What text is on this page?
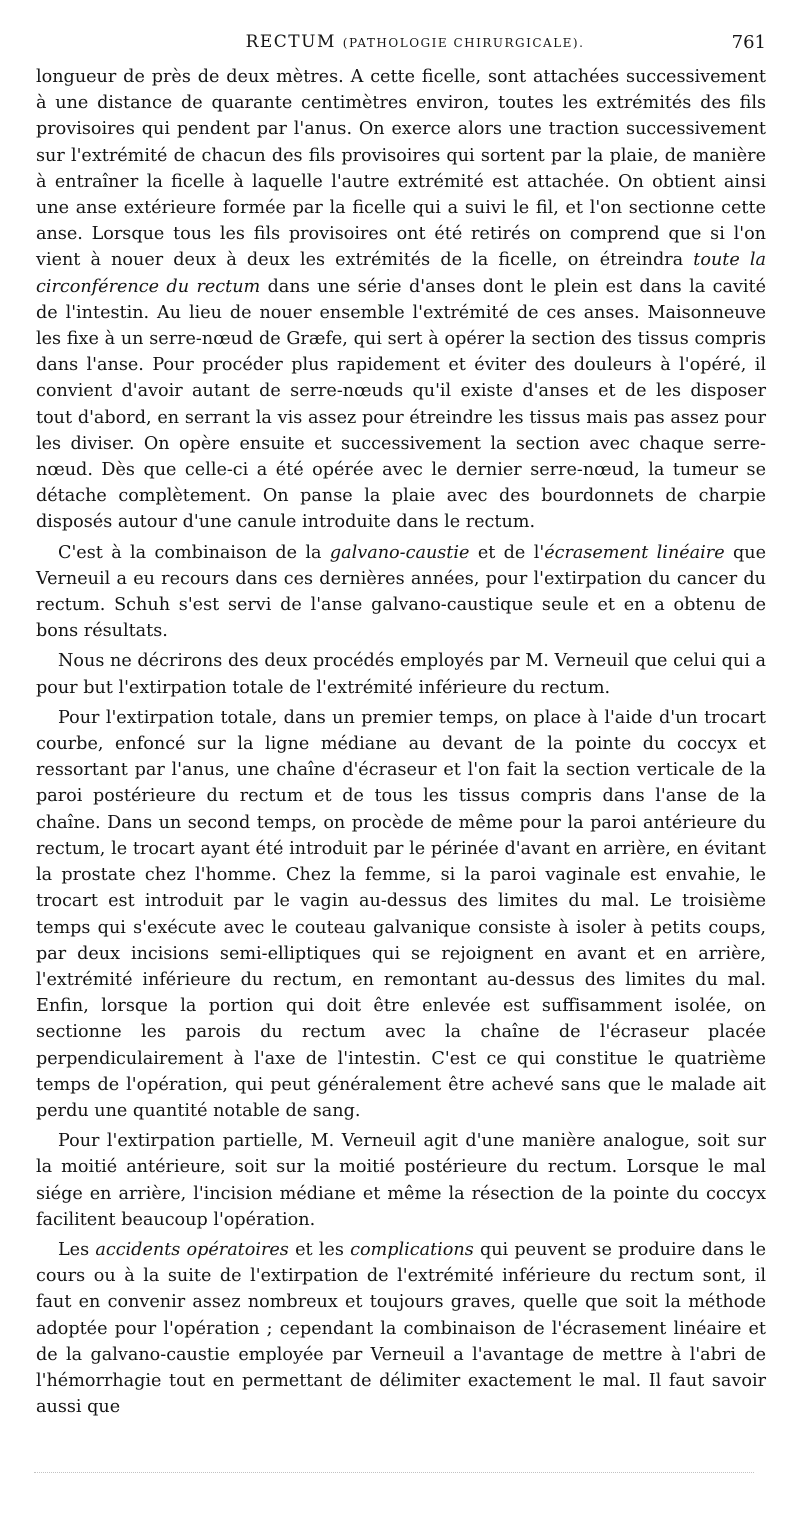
RECTUM (PATHOLOGIE CHIRURGICALE).	761

longueur de près de deux mètres. A cette ficelle, sont attachées successivement à une distance de quarante centimètres environ, toutes les extrémités des fils provisoires qui pendent par l'anus. On exerce alors une traction successivement sur l'extrémité de chacun des fils provisoires qui sortent par la plaie, de manière à entraîner la ficelle à laquelle l'autre extrémité est attachée. On obtient ainsi une anse extérieure formée par la ficelle qui a suivi le fil, et l'on sectionne cette anse. Lorsque tous les fils provisoires ont été retirés on comprend que si l'on vient à nouer deux à deux les extrémités de la ficelle, on étreindra toute la circonférence du rectum dans une série d'anses dont le plein est dans la cavité de l'intestin. Au lieu de nouer ensemble l'extrémité de ces anses. Maisonneuve les fixe à un serre-nœud de Græfe, qui sert à opérer la section des tissus compris dans l'anse. Pour procéder plus rapidement et éviter des douleurs à l'opéré, il convient d'avoir autant de serre-nœuds qu'il existe d'anses et de les disposer tout d'abord, en serrant la vis assez pour étreindre les tissus mais pas assez pour les diviser. On opère ensuite et successivement la section avec chaque serre-nœud. Dès que celle-ci a été opérée avec le dernier serre-nœud, la tumeur se détache complètement. On panse la plaie avec des bourdonnets de charpie disposés autour d'une canule introduite dans le rectum.

C'est à la combinaison de la galvano-caustie et de l'écrasement linéaire que Verneuil a eu recours dans ces dernières années, pour l'extirpation du cancer du rectum. Schuh s'est servi de l'anse galvano-caustique seule et en a obtenu de bons résultats.

Nous ne décrirons des deux procédés employés par M. Verneuil que celui qui a pour but l'extirpation totale de l'extrémité inférieure du rectum.

Pour l'extirpation totale, dans un premier temps, on place à l'aide d'un trocart courbe, enfoncé sur la ligne médiane au devant de la pointe du coccyx et ressortant par l'anus, une chaîne d'écraseur et l'on fait la section verticale de la paroi postérieure du rectum et de tous les tissus compris dans l'anse de la chaîne. Dans un second temps, on procède de même pour la paroi antérieure du rectum, le trocart ayant été introduit par le périnée d'avant en arrière, en évitant la prostate chez l'homme. Chez la femme, si la paroi vaginale est envahie, le trocart est introduit par le vagin au-dessus des limites du mal. Le troisième temps qui s'exécute avec le couteau galvanique consiste à isoler à petits coups, par deux incisions semi-elliptiques qui se rejoignent en avant et en arrière, l'extrémité inférieure du rectum, en remontant au-dessus des limites du mal. Enfin, lorsque la portion qui doit être enlevée est suffisamment isolée, on sectionne les parois du rectum avec la chaîne de l'écraseur placée perpendiculairement à l'axe de l'intestin. C'est ce qui constitue le quatrième temps de l'opération, qui peut généralement être achevé sans que le malade ait perdu une quantité notable de sang.

Pour l'extirpation partielle, M. Verneuil agit d'une manière analogue, soit sur la moitié antérieure, soit sur la moitié postérieure du rectum. Lorsque le mal siége en arrière, l'incision médiane et même la résection de la pointe du coccyx facilitent beaucoup l'opération.

Les accidents opératoires et les complications qui peuvent se produire dans le cours ou à la suite de l'extirpation de l'extrémité inférieure du rectum sont, il faut en convenir assez nombreux et toujours graves, quelle que soit la méthode adoptée pour l'opération ; cependant la combinaison de l'écrasement linéaire et de la galvano-caustie employée par Verneuil a l'avantage de mettre à l'abri de l'hémorrhagie tout en permettant de délimiter exactement le mal. Il faut savoir aussi que
